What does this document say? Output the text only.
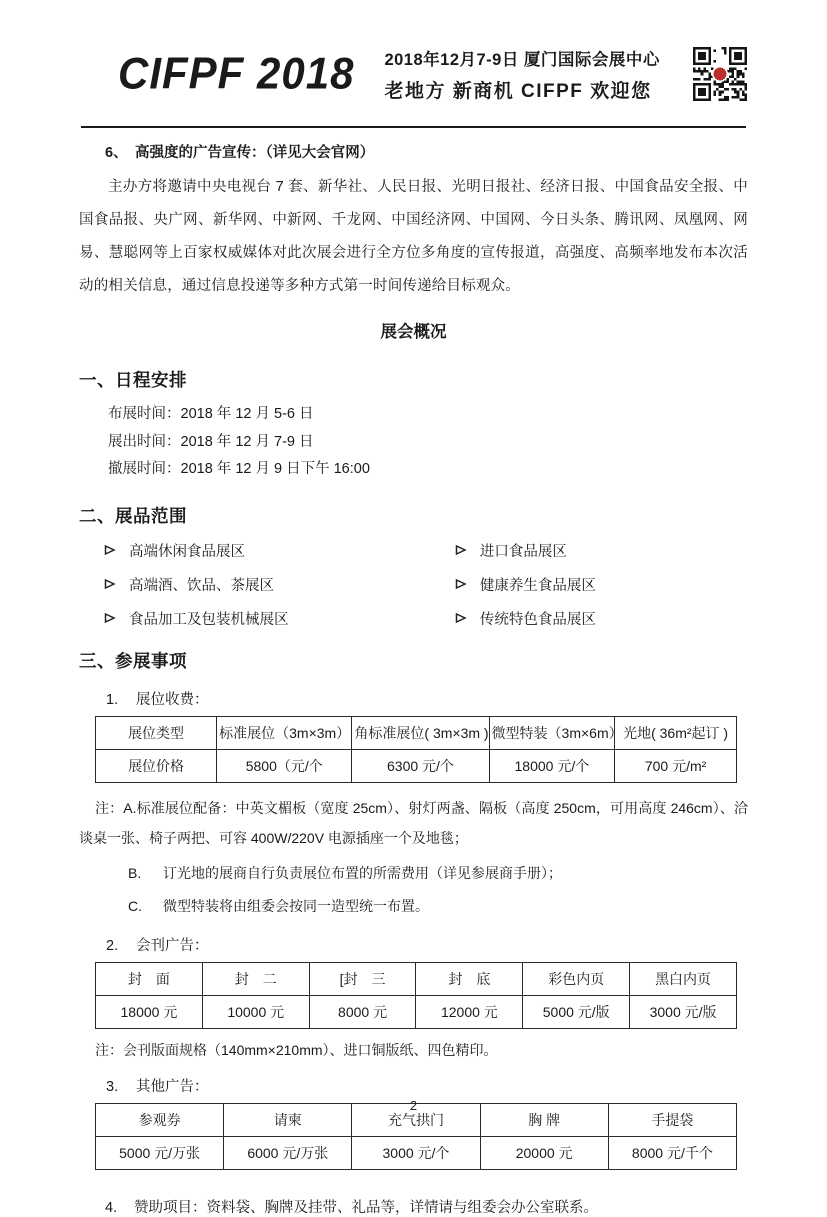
CIFPF 2018 2018年12月7-9日 厦门国际会展中心
老地方 新商机 CIFPF 欢迎您
6、 高强度的广告宣传：（详见大会官网）

主办方将邀请中央电视台 7 套、新华社、人民日报、光明日报社、经济日报、中国食品安全报、中国食品报、央广网、新华网、中新网、千龙网、中国经济网、中国网、今日头条、腾讯网、凤凰网、网易、慧聪网等上百家权威媒体对此次展会进行全方位多角度的宣传报道，高强度、高频率地发布本次活动的相关信息，通过信息投递等多种方式第一时间传递给目标观众。

展会概况
一、日程安排
布展时间：2018 年 12 月 5-6 日
展出时间：2018 年 12 月 7-9 日
撤展时间：2018 年 12 月 9 日下午 16:00
二、展品范围
高端休闲食品展区	进口食品展区
高端酒、饮品、茶展区	健康养生食品展区
食品加工及包装机械展区	传统特色食品展区
三、参展事项
1. 展位收费：
展位类型	标准展位（3m×3m）	角标准展位( 3m×3m )	微型特装（3m×6m）	光地( 36m²起订 )
展位价格	5800（元/个	6300 元/个	18000 元/个	700 元/m²

注：A.标准展位配备：中英文楣板（宽度 25cm）、射灯两盏、隔板（高度 250cm，可用高度 246cm）、洽谈桌一张、椅子两把、可容 400W/220V 电源插座一个及地毯；

B. 订光地的展商自行负责展位布置的所需费用（详见参展商手册）；
C. 微型特装将由组委会按同一造型统一布置。
2. 会刊广告：
封　面	封　二	[封　三	封　底	彩色内页	黑白内页
18000 元	10000 元	8000 元	12000 元	5000 元/版	3000 元/版

注：会刊版面规格（140mm×210mm）、进口铜版纸、四色精印。

3. 其他广告：
参观券	请柬	充气拱门	胸 牌	手提袋
5000 元/万张	6000 元/万张	3000 元/个	20000 元	8000 元/千个
4. 赞助项目：资料袋、胸牌及挂带、礼品等，详情请与组委会办公室联系。
2
